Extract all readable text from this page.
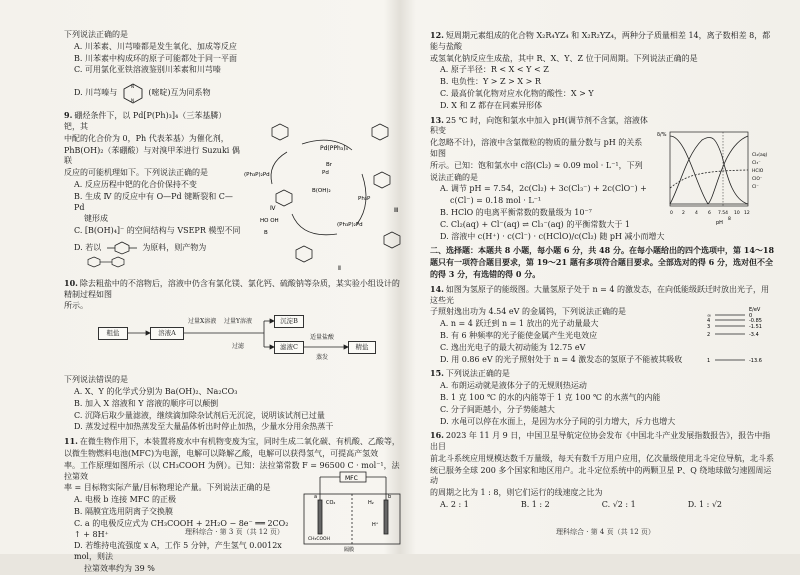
下列说法正确的是

A. 川苯素、川芎嗪都是发生氧化、加成等反应

B. 川苯素中构成环的原子可能都处于同一平面

C. 可用氯化亚铁溶液鉴别川苯素和川芎嗪

D. 川芎嗪与
N
N
(嘧啶)互为同系物

9. 硼烃条件下，以 Pd[P(Ph)₃]₄（三苯基膦）钯，其

中配的化合价为 0，Ph 代表苯基）为催化剂，

PhB(OH)₂（苯硼酸）与对溴甲苯进行 Suzuki 偶联

反应的可能机理如下。下列说法正确的是

A. 反应历程中钯的化合价保持不变

B. 生成 Ⅳ 的反应中有 O—Pd 键断裂和 C—Pd

键形成

C. [B(OH)₄]⁻ 的空间结构与 VSEPR 模型不同

D. 若以	为原料，则产物为

Pd(PPh₃)₄
Br
Pd
(Ph₃P)₂Pd
Ph₃P
B(OH)₂
(Ph₃P)₂Pd
HO OH
B
Ⅲ
Ⅳ
Ⅱ

10. 除去粗盐中的不溶物后，溶液中仍含有氯化镁、氯化钙、硫酸钠等杂质，某实验小组设计的精制过程如图

所示。

粗盐	溶液A
过量X溶液 过量Y溶液
过滤
沉淀B
滤液C
适量盐酸
蒸发
精盐

下列说法错误的是

A. X、Y 的化学式分别为 Ba(OH)₂、Na₂CO₃

B. 加入 X 溶液和 Y 溶液的顺序可以颠倒

C. 沉降后取少量滤液，继续滴加除杂试剂后无沉淀，说明该试剂已过量

D. 蒸发过程中加热蒸发至大量晶体析出时停止加热，少量水分用余热蒸干

11. 在微生物作用下，本装置将废水中有机物变废为宝，同时生成二氧化碳、有机酸、乙酸等，

以微生物燃料电池(MFC)为电源，电解可以降解乙酸，电解可以获得氢气，可提高产氢效

率。工作原理如图所示（以 CH₃COOH 为例）。已知：法拉第常数 F = 96500 C · mol⁻¹，法拉第效

率 = 目标物实际产量/目标物理论产量。下列说法正确的是

A. 电极 b 连接 MFC 的正极

B. 隔膜宜选用阴离子交换膜

C. a 的电极反应式为 CH₃COOH + 2H₂O − 8e⁻ ══ 2CO₂ ↑ + 8H⁺

D. 若维持电流强度 x A，工作 5 分钟，产生氢气 0.0012x mol，则法

拉第效率约为 39 %

MFC
CO₂	H₂
a	b
CH₃COOH
H⁺
隔膜
理科综合 · 第 3 页（共 12 页）

12. 短周期元素组成的化合物 X₂R₄YZ₄ 和 X₂R₂YZ₄，两种分子质量相差 14，离子数相差 8，都能与盐酸

或氢氧化钠反应生成盐，其中 R、X、Y、Z 位于同周期。下列说法正确的是

A. 原子半径：R < X < Y < Z

B. 电负性：Y > Z > X > R

C. 最高价氧化物对应水化物的酸性：X > Y

D. X 和 Z 都存在同素异形体

13. 25 ℃ 时，向饱和氯水中加入 pH(调节剂不含氯，溶液体积变

化忽略不计)，溶液中含氯微粒的物质的量分数与 pH 的关系如图

所示。已知：饱和氯水中 c溶(Cl₂) ≈ 0.09 mol · L⁻¹，下列

说法正确的是

A. 调节 pH = 7.54，2c(Cl₂) + 3c(Cl₃⁻) + 2c(ClO⁻) +

c(Cl⁻) = 0.18 mol · L⁻¹

B. HClO 的电离平衡常数的数量级为 10⁻⁷

C. Cl₂(aq) + Cl⁻(aq) ⇌ Cl₃⁻(aq) 的平衡常数大于 1

D. 溶液中 c(H⁺) · c(Cl⁻) · c(HClO)/c(Cl₂) 随 pH 减小而增大

δ/%
pH
7.54
0 2 4 6
8
10 12
Cl₂(aq)
Cl₃⁻
HClO
ClO⁻
Cl⁻

二、选择题：本题共 8 小题，每小题 6 分，共 48 分。在每小题给出的四个选项中，第 14～18 题只有一项符合题目要求，第 19～21 题有多项符合题目要求。全部选对的得 6 分，选对但不全的得 3 分，有选错的得 0 分。

14. 如图为氢原子的能级图。大量氢原子处于 n = 4 的激发态，在向低能级跃迁时放出光子，用这些光

子照射逸出功为 4.54 eV 的金属钨，下列说法正确的是

A. n = 4 跃迁到 n = 1 放出的光子动量最大

B. 有 6 种频率的光子能使金属产生光电效应

C. 逸出光电子的最大初动能为 12.75 eV

D. 用 0.86 eV 的光子照射处于 n = 4 激发态的氢原子不能被其吸收

E/eV
∞
4
3
2
1
0
-0.85
-1.51
-3.4
-13.6

15. 下列说法正确的是

A. 布朗运动就是液体分子的无规则热运动

B. 1 克 100 ℃ 的水的内能等于 1 克 100 ℃ 的水蒸气的内能

C. 分子间距越小，分子势能越大

D. 水黾可以停在水面上，是因为水分子间的引力增大，斥力也增大

16. 2023 年 11 月 9 日，中国卫星导航定位协会发布《中国北斗产业发展指数报告》，报告中指出目

前北斗系统应用规模达数千万量级，每天有数千万用户应用，亿次量级使用北斗定位导航，北斗系

统已服务全球 200 多个国家和地区用户。北斗定位系统中的两颗卫星 P、Q 绕地球做匀速圆周运动

的周期之比为 1 : 8，则它们运行的线速度之比为

A. 2 : 1	B. 1 : 2	C. √2 : 1	D. 1 : √2

理科综合 · 第 4 页（共 12 页）
